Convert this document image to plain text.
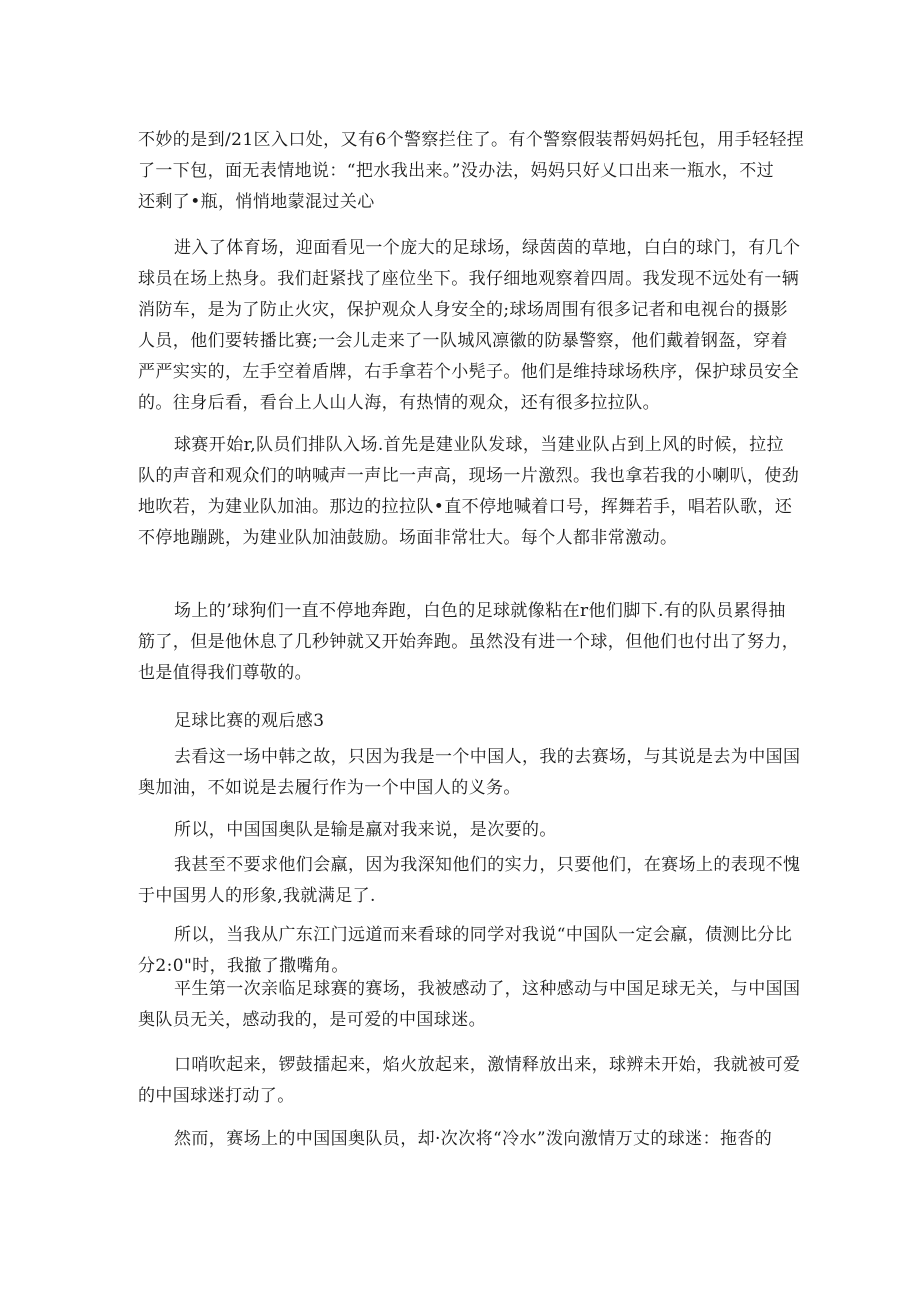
不妙的是到/21区入口处，又有6个警察拦住了。有个警察假装帮妈妈托包，用手轻轻捏
了一下包，面无表情地说：“把水我出来。”没办法，妈妈只好乂口出来一瓶水，不过
还剩了•瓶，悄悄地蒙混过关心
进入了体育场，迎面看见一个庞大的足球场，绿茵茵的草地，白白的球门，有几个
球员在场上热身。我们赶紧找了座位坐下。我仔细地观察着四周。我发现不远处有一辆
消防车，是为了防止火灾，保护观众人身安全的;球场周围有很多记者和电视台的摄影
人员，他们要转播比赛;一会儿走来了一队城风凛徽的防暴警察，他们戴着钢盔，穿着
严严实实的，左手空着盾牌，右手拿若个小髡子。他们是维持球场秩序，保护球员安全
的。往身后看，看台上人山人海，有热情的观众，还有很多拉拉队。
球赛开始r,队员们排队入场.首先是建业队发球，当建业队占到上风的时候，拉拉
队的声音和观众们的呐喊声一声比一声高，现场一片激烈。我也拿若我的小喇叭，使劲
地吹若，为建业队加油。那边的拉拉队•直不停地喊着口号，挥舞若手，唱若队歌，还
不停地蹦跳，为建业队加油鼓励。场面非常壮大。每个人都非常激动。
场上的’球狗们一直不停地奔跑，白色的足球就像粘在r他们脚下.有的队员累得抽
筋了，但是他休息了几秒钟就又开始奔跑。虽然没有进一个球，但他们也付出了努力，
也是值得我们尊敬的。
足球比赛的观后感3
去看这一场中韩之故，只因为我是一个中国人，我的去赛场，与其说是去为中国国
奥加油，不如说是去履行作为一个中国人的义务。
所以，中国国奥队是输是羸对我来说，是次要的。
我甚至不要求他们会羸，因为我深知他们的实力，只要他们，在赛场上的表现不愧
于中国男人的形象,我就满足了.
所以，当我从广东江门远道而来看球的同学对我说“中国队一定会羸，债测比分比
分2:0"时，我撤了撒嘴角。
平生第一次亲临足球赛的赛场，我被感动了，这种感动与中国足球无关，与中国国
奥队员无关，感动我的，是可爱的中国球迷。
口哨吹起来，锣鼓擂起来，焰火放起来，激情释放出来，球辨未开始，我就被可爱
的中国球迷打动了。
然而，赛场上的中国国奥队员，却·次次将“冷水”泼向激情万丈的球迷：拖沓的
